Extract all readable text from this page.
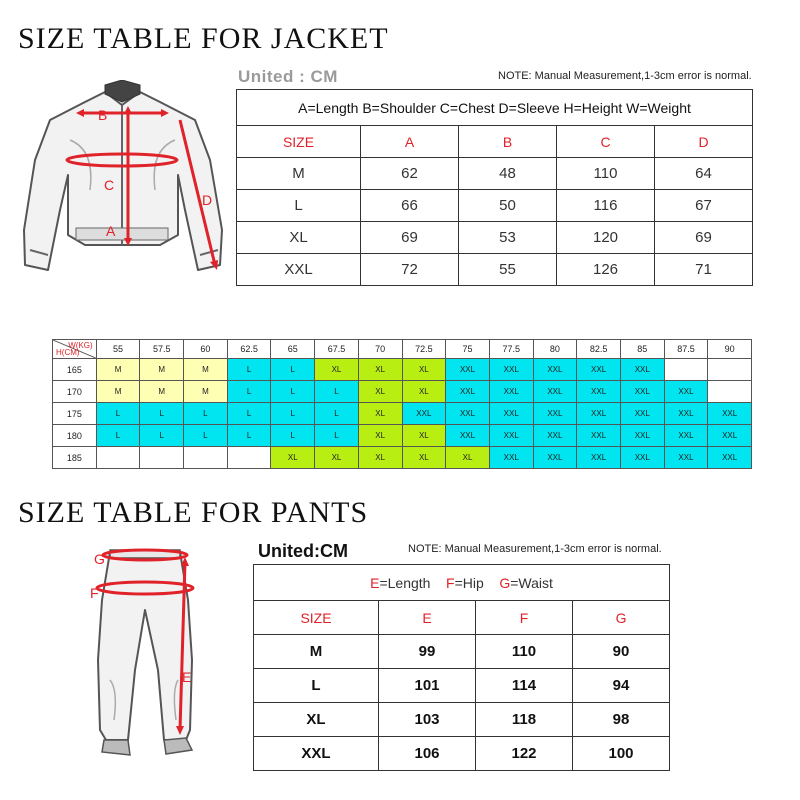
SIZE TABLE FOR JACKET
United : CM	NOTE: Manual Measurement,1-3cm error is normal.
B
C
A
D
A=Length B=Shoulder C=Chest D=Sleeve H=Height W=Weight				
SIZE	A	B	C	D
M	62	48	110	64
L	66	50	116	67
XL	69	53	120	69
XXL	72	55	126	71
W(KG)
H(CM)	55	57.5	60	62.5	65	67.5	70	72.5	75	77.5	80	82.5	85	87.5	90
165	M	M	M	L	L	XL	XL	XL	XXL	XXL	XXL	XXL	XXL		
170	M	M	M	L	L	L	XL	XL	XXL	XXL	XXL	XXL	XXL	XXL	
175	L	L	L	L	L	L	XL	XXL	XXL	XXL	XXL	XXL	XXL	XXL	XXL
180	L	L	L	L	L	L	XL	XL	XXL	XXL	XXL	XXL	XXL	XXL	XXL
185					XL	XL	XL	XL	XL	XXL	XXL	XXL	XXL	XXL	XXL
SIZE TABLE FOR PANTS
United:CM	NOTE: Manual Measurement,1-3cm error is normal.
G
F
E
E=Length F=Hip G=Waist			
SIZE	E	F	G
M	99	110	90
L	101	114	94
XL	103	118	98
XXL	106	122	100
